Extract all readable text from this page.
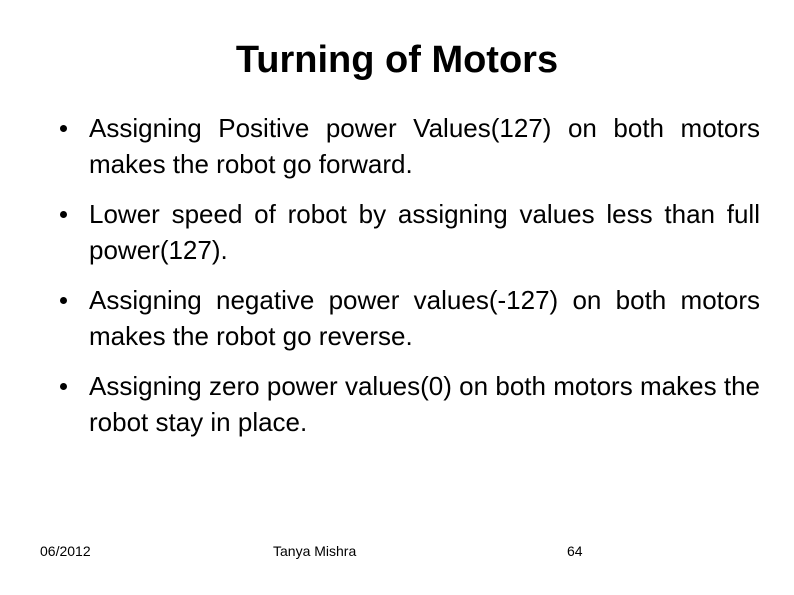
Turning of Motors
Assigning Positive power Values(127) on both motors makes the robot go forward.
Lower speed of robot by assigning values less than full power(127).
Assigning negative power values(-127) on both motors makes the robot go reverse.
Assigning zero power values(0) on both motors makes the robot stay in place.
06/2012	Tanya Mishra	64
